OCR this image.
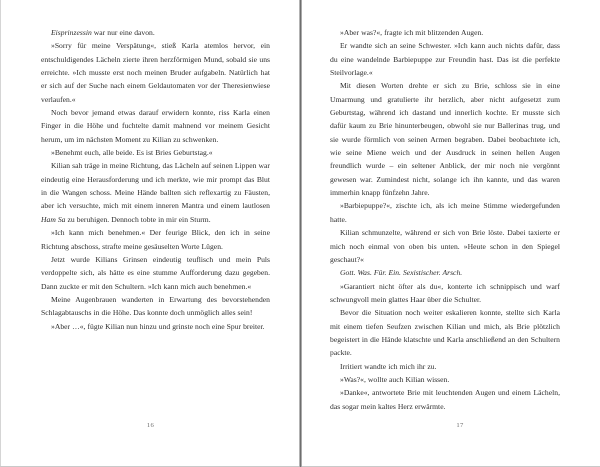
Eisprinzessin war nur eine davon.

»Sorry für meine Verspätung«, stieß Karla atemlos hervor, ein entschuldigendes Lächeln zierte ihren herzförmigen Mund, sobald sie uns erreichte. »Ich musste erst noch meinen Bruder aufgabeln. Natürlich hat er sich auf der Suche nach einem Geldautomaten vor der Theresienwiese verlaufen.«

Noch bevor jemand etwas darauf erwidern konnte, riss Karla einen Finger in die Höhe und fuchtelte damit mahnend vor meinem Gesicht herum, um im nächsten Moment zu Kilian zu schwenken.

»Benehmt euch, alle beide. Es ist Bries Geburtstag.«

Kilian sah träge in meine Richtung, das Lächeln auf seinen Lippen war eindeutig eine Herausforderung und ich merkte, wie mir prompt das Blut in die Wangen schoss. Meine Hände ballten sich reflexartig zu Fäusten, aber ich versuchte, mich mit einem inneren Mantra und einem lautlosen Ham Sa zu beruhigen. Dennoch tobte in mir ein Sturm.

»Ich kann mich benehmen.« Der feurige Blick, den ich in seine Richtung abschoss, strafte meine gesäuselten Worte Lügen.

Jetzt wurde Kilians Grinsen eindeutig teuflisch und mein Puls verdoppelte sich, als hätte es eine stumme Aufforderung dazu gegeben. Dann zuckte er mit den Schultern. »Ich kann mich auch benehmen.«

Meine Augenbrauen wanderten in Erwartung des bevorstehenden Schlagabtauschs in die Höhe. Das konnte doch unmöglich alles sein!

»Aber …«, fügte Kilian nun hinzu und grinste noch eine Spur breiter.

16

»Aber was?«, fragte ich mit blitzenden Augen.

Er wandte sich an seine Schwester. »Ich kann auch nichts dafür, dass du eine wandelnde Barbiepuppe zur Freundin hast. Das ist die perfekte Steilvorlage.«

Mit diesen Worten drehte er sich zu Brie, schloss sie in eine Umarmung und gratulierte ihr herzlich, aber nicht aufgesetzt zum Geburtstag, während ich dastand und innerlich kochte. Er musste sich dafür kaum zu Brie hinunterbeugen, obwohl sie nur Ballerinas trug, und sie wurde förmlich von seinen Armen begraben. Dabei beobachtete ich, wie seine Miene weich und der Ausdruck in seinen hellen Augen freundlich wurde – ein seltener Anblick, der mir noch nie vergönnt gewesen war. Zumindest nicht, solange ich ihn kannte, und das waren immerhin knapp fünfzehn Jahre.

»Barbiepuppe?«, zischte ich, als ich meine Stimme wiedergefunden hatte.

Kilian schmunzelte, während er sich von Brie löste. Dabei taxierte er mich noch einmal von oben bis unten. »Heute schon in den Spiegel geschaut?«

Gott. Was. Für. Ein. Sexistischer. Arsch.

»Garantiert nicht öfter als du«, konterte ich schnippisch und warf schwungvoll mein glattes Haar über die Schulter.

Bevor die Situation noch weiter eskalieren konnte, stellte sich Karla mit einem tiefen Seufzen zwischen Kilian und mich, als Brie plötzlich begeistert in die Hände klatschte und Karla anschließend an den Schultern packte.

Irritiert wandte ich mich ihr zu.

»Was?«, wollte auch Kilian wissen.

»Danke«, antwortete Brie mit leuchtenden Augen und einem Lächeln, das sogar mein kaltes Herz erwärmte.

17
